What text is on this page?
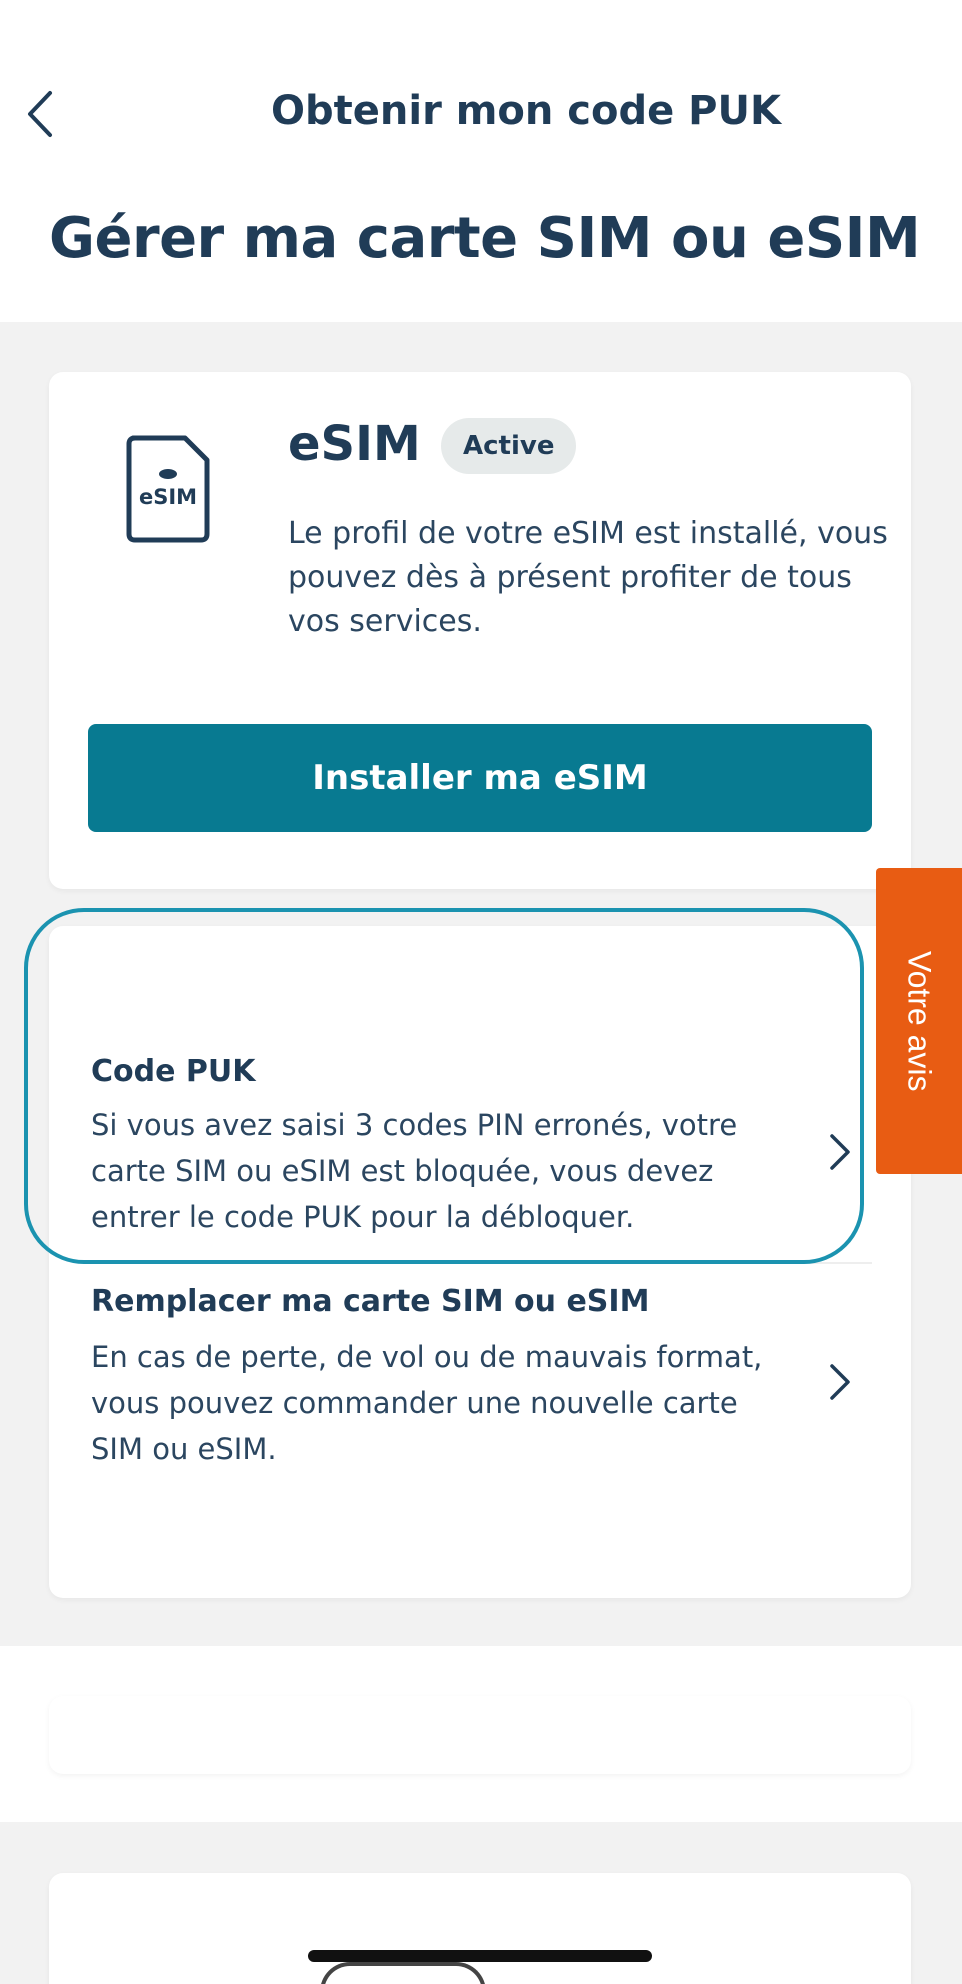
Obtenir mon code PUK
Gérer ma carte SIM ou eSIM
eSIM
eSIM	Active
Le profil de votre eSIM est installé, vous pouvez dès à présent profiter de tous vos services.
Installer ma eSIM
Code PUK
Si vous avez saisi 3 codes PIN erronés, votre carte SIM ou eSIM est bloquée, vous devez entrer le code PUK pour la débloquer.
Remplacer ma carte SIM ou eSIM
En cas de perte, de vol ou de mauvais format, vous pouvez commander une nouvelle carte SIM ou eSIM.
Votre avis
